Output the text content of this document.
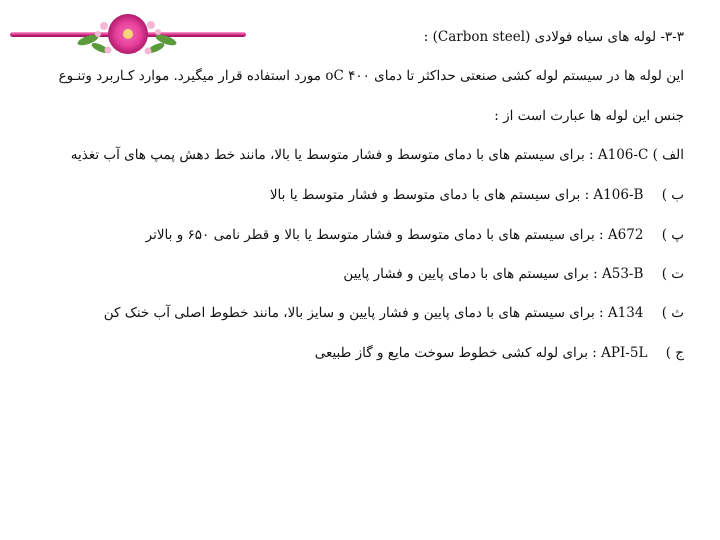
۳-۳- لوله های سیاه فولادی (Carbon steel) :
این لوله ها در سیستم لوله کشی صنعتی حداکثر تا دمای ۴۰۰ oC مورد استفاده قرار میگیرد. موارد کـاربرد وتنـوع
جنس این لوله ها عبارت است از :
الف ) A106-C : برای سیستم های با دمای متوسط و فشار متوسط یا بالا، مانند خط دهش پمپ های آب تغذیه
ب ) A106-B : برای سیستم های با دمای متوسط و فشار متوسط یا بالا
پ ) A672 : برای سیستم های با دمای متوسط و فشار متوسط یا بالا و قطر نامی ۶۵۰ و بالاتر
ت ) A53-B : برای سیستم های با دمای پایین و فشار پایین
ث ) A134 : برای سیستم های با دمای پایین و فشار پایین و سایز بالا، مانند خطوط اصلی آب خنک کن
ج ) API-5L : برای لوله کشی خطوط سوخت مایع و گاز طبیعی
